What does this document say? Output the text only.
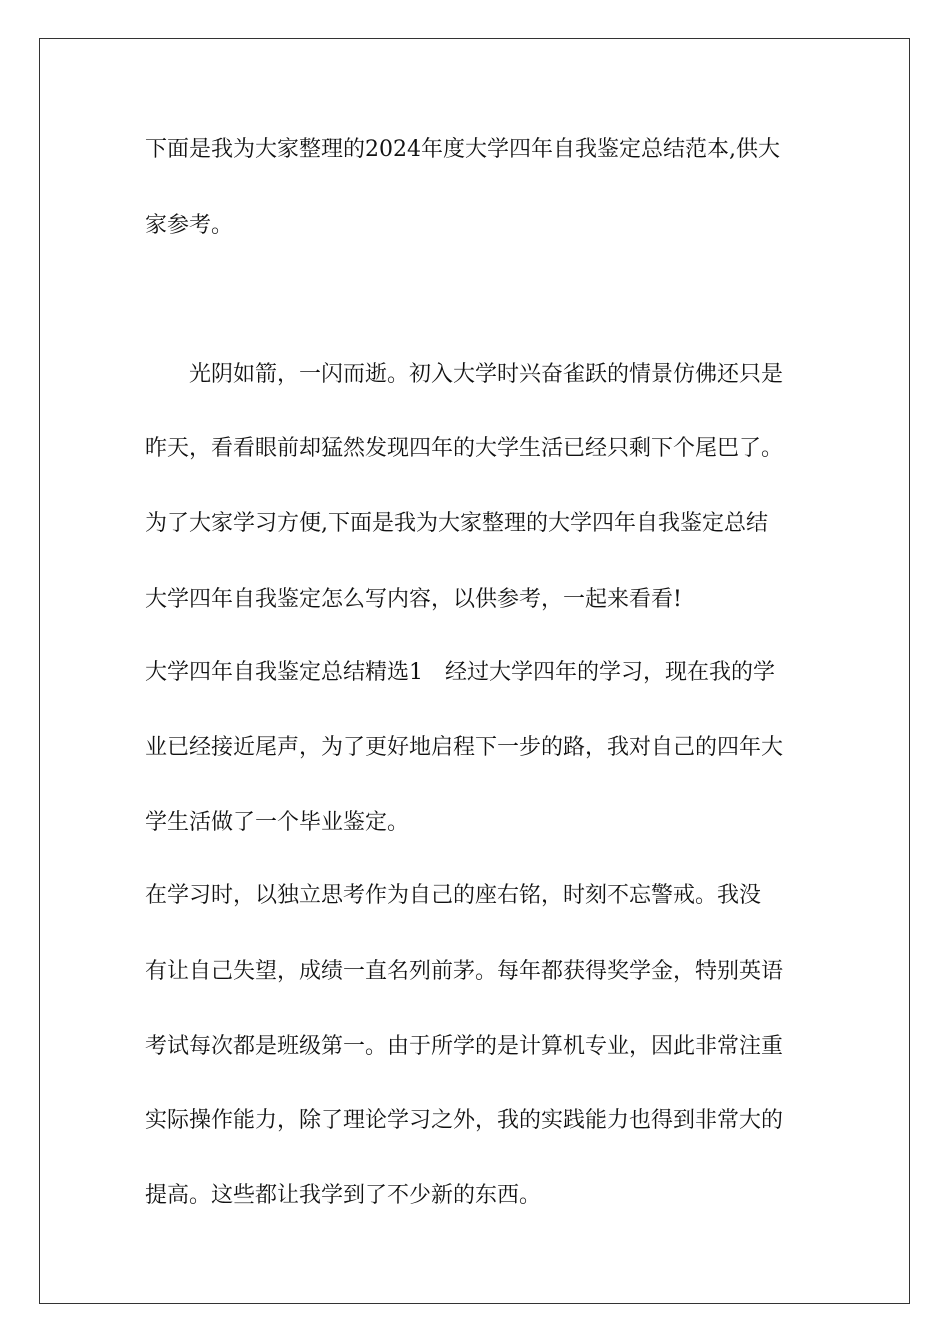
下面是我为大家整理的2024年度大学四年自我鉴定总结范本,供大
家参考。
　　光阴如箭，一闪而逝。初入大学时兴奋雀跃的情景仿佛还只是
昨天，看看眼前却猛然发现四年的大学生活已经只剩下个尾巴了。
为了大家学习方便,下面是我为大家整理的大学四年自我鉴定总结
大学四年自我鉴定怎么写内容，以供参考，一起来看看!
大学四年自我鉴定总结精选1　经过大学四年的学习，现在我的学
业已经接近尾声，为了更好地启程下一步的路，我对自己的四年大
学生活做了一个毕业鉴定。
在学习时，以独立思考作为自己的座右铭，时刻不忘警戒。我没
有让自己失望，成绩一直名列前茅。每年都获得奖学金，特别英语
考试每次都是班级第一。由于所学的是计算机专业，因此非常注重
实际操作能力，除了理论学习之外，我的实践能力也得到非常大的
提高。这些都让我学到了不少新的东西。
